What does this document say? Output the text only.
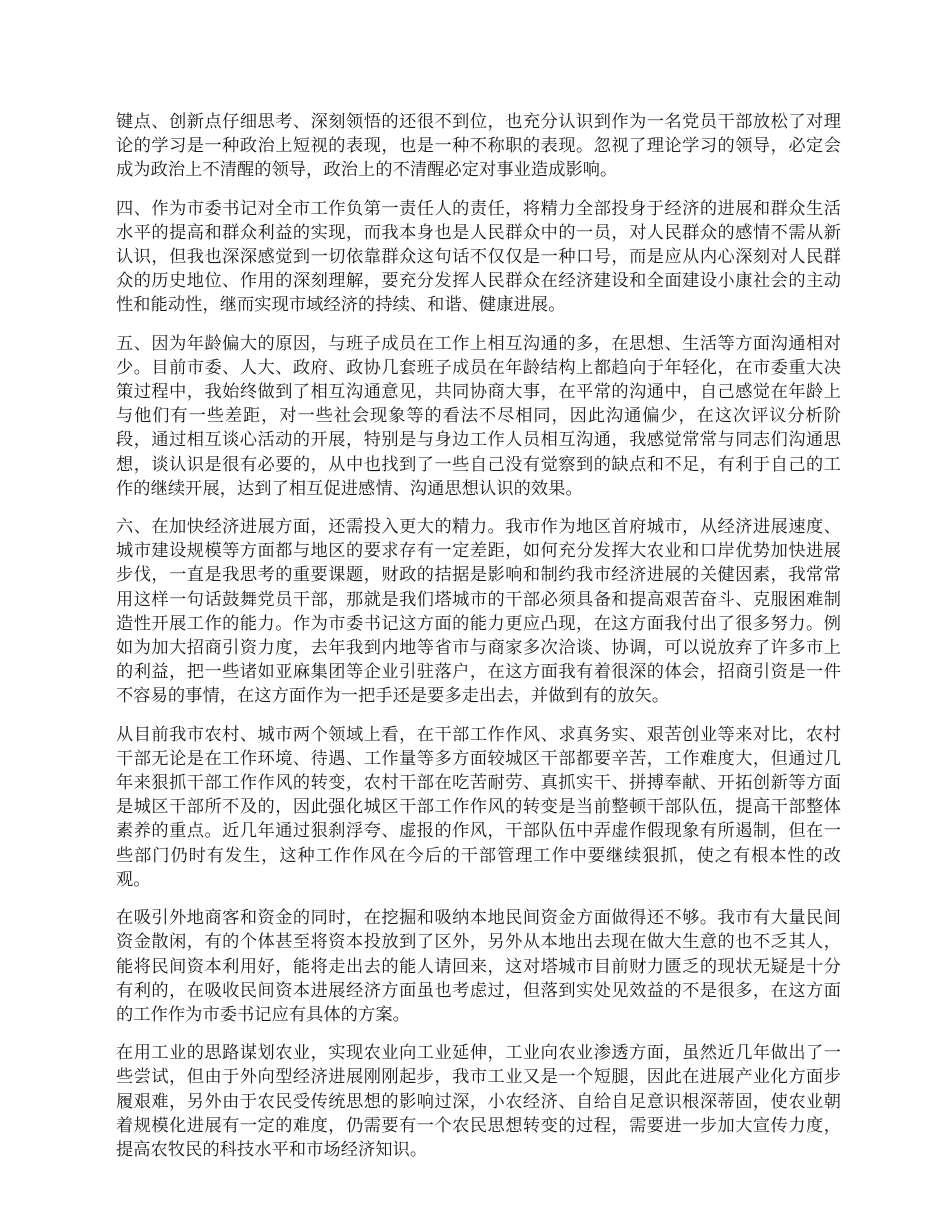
键点、创新点仔细思考、深刻领悟的还很不到位，也充分认识到作为一名党员干部放松了对理论的学习是一种政治上短视的表现，也是一种不称职的表现。忽视了理论学习的领导，必定会成为政治上不清醒的领导，政治上的不清醒必定对事业造成影响。

四、作为市委书记对全市工作负第一责任人的责任，将精力全部投身于经济的进展和群众生活水平的提高和群众利益的实现，而我本身也是人民群众中的一员，对人民群众的感情不需从新认识，但我也深深感觉到一切依靠群众这句话不仅仅是一种口号，而是应从内心深刻对人民群众的历史地位、作用的深刻理解，要充分发挥人民群众在经济建设和全面建设小康社会的主动性和能动性，继而实现市域经济的持续、和谐、健康进展。

五、因为年龄偏大的原因，与班子成员在工作上相互沟通的多，在思想、生活等方面沟通相对少。目前市委、人大、政府、政协几套班子成员在年龄结构上都趋向于年轻化，在市委重大决策过程中，我始终做到了相互沟通意见，共同协商大事，在平常的沟通中，自己感觉在年龄上与他们有一些差距，对一些社会现象等的看法不尽相同，因此沟通偏少，在这次评议分析阶段，通过相互谈心活动的开展，特别是与身边工作人员相互沟通，我感觉常常与同志们沟通思想，谈认识是很有必要的，从中也找到了一些自己没有觉察到的缺点和不足，有利于自己的工作的继续开展，达到了相互促进感情、沟通思想认识的效果。

六、在加快经济进展方面，还需投入更大的精力。我市作为地区首府城市，从经济进展速度、城市建设规模等方面都与地区的要求存有一定差距，如何充分发挥大农业和口岸优势加快进展步伐，一直是我思考的重要课题，财政的拮据是影响和制约我市经济进展的关健因素，我常常用这样一句话鼓舞党员干部，那就是我们塔城市的干部必须具备和提高艰苦奋斗、克服困难制造性开展工作的能力。作为市委书记这方面的能力更应凸现，在这方面我付出了很多努力。例如为加大招商引资力度，去年我到内地等省市与商家多次洽谈、协调，可以说放弃了许多市上的利益，把一些诸如亚麻集团等企业引驻落户，在这方面我有着很深的体会，招商引资是一件不容易的事情，在这方面作为一把手还是要多走出去，并做到有的放矢。

从目前我市农村、城市两个领域上看，在干部工作作风、求真务实、艰苦创业等来对比，农村干部无论是在工作环境、待遇、工作量等多方面较城区干部都要辛苦，工作难度大，但通过几年来狠抓干部工作作风的转变，农村干部在吃苦耐劳、真抓实干、拼搏奉献、开拓创新等方面是城区干部所不及的，因此强化城区干部工作作风的转变是当前整顿干部队伍，提高干部整体素养的重点。近几年通过狠刹浮夸、虚报的作风，干部队伍中弄虚作假现象有所遏制，但在一些部门仍时有发生，这种工作作风在今后的干部管理工作中要继续狠抓，使之有根本性的改观。

在吸引外地商客和资金的同时，在挖掘和吸纳本地民间资金方面做得还不够。我市有大量民间资金散闲，有的个体甚至将资本投放到了区外，另外从本地出去现在做大生意的也不乏其人，能将民间资本利用好，能将走出去的能人请回来，这对塔城市目前财力匮乏的现状无疑是十分有利的，在吸收民间资本进展经济方面虽也考虑过，但落到实处见效益的不是很多，在这方面的工作作为市委书记应有具体的方案。

在用工业的思路谋划农业，实现农业向工业延伸，工业向农业渗透方面，虽然近几年做出了一些尝试，但由于外向型经济进展刚刚起步，我市工业又是一个短腿，因此在进展产业化方面步履艰难，另外由于农民受传统思想的影响过深，小农经济、自给自足意识根深蒂固，使农业朝着规模化进展有一定的难度，仍需要有一个农民思想转变的过程，需要进一步加大宣传力度，提高农牧民的科技水平和市场经济知识。
